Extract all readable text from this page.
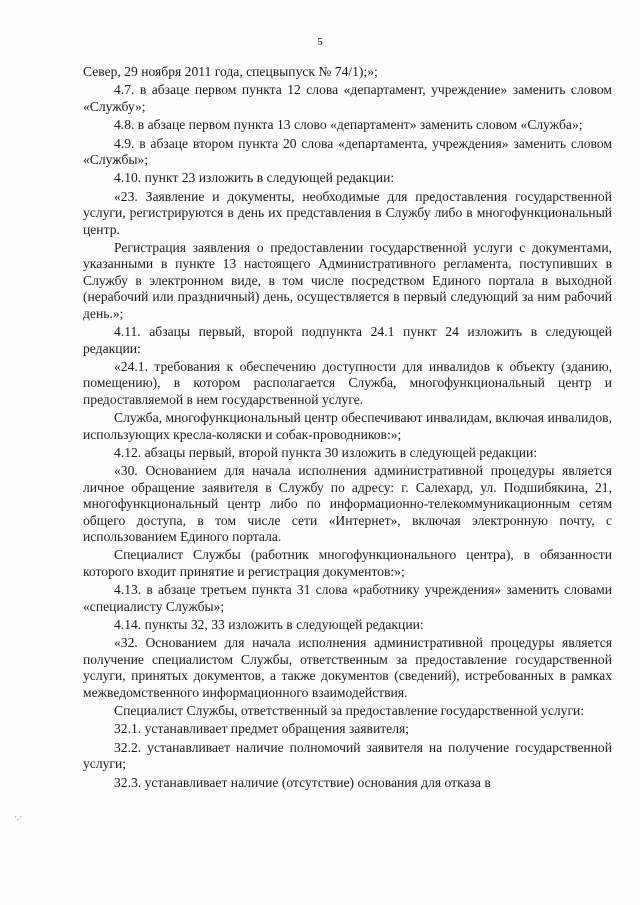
5

Север, 29 ноября 2011 года, спецвыпуск № 74/1);»;

4.7. в абзаце первом пункта 12 слова «департамент, учреждение» заменить словом «Службу»;

4.8. в абзаце первом пункта 13 слово «департамент» заменить словом «Служба»;

4.9. в абзаце втором пункта 20 слова «департамента, учреждения» заменить словом «Службы»;

4.10. пункт 23 изложить в следующей редакции:

«23. Заявление и документы, необходимые для предоставления государственной услуги, регистрируются в день их представления в Службу либо в многофункциональный центр.

Регистрация заявления о предоставлении государственной услуги с документами, указанными в пункте 13 настоящего Административного регламента, поступивших в Службу в электронном виде, в том числе посредством Единого портала в выходной (нерабочий или праздничный) день, осуществляется в первый следующий за ним рабочий день.»;

4.11. абзацы первый, второй подпункта 24.1 пункт 24 изложить в следующей редакции:

«24.1. требования к обеспечению доступности для инвалидов к объекту (зданию, помещению), в котором располагается Служба, многофункциональный центр и предоставляемой в нем государственной услуге.

Служба, многофункциональный центр обеспечивают инвалидам, включая инвалидов, использующих кресла-коляски и собак-проводников:»;

4.12. абзацы первый, второй пункта 30 изложить в следующей редакции:

«30. Основанием для начала исполнения административной процедуры является личное обращение заявителя в Службу по адресу: г. Салехард, ул. Подшибякина, 21, многофункциональный центр либо по информационно-телекоммуникационным сетям общего доступа, в том числе сети «Интернет», включая электронную почту, с использованием Единого портала.

Специалист Службы (работник многофункционального центра), в обязанности которого входит принятие и регистрация документов:»;

4.13. в абзаце третьем пункта 31 слова «работнику учреждения» заменить словами «специалисту Службы»;

4.14. пункты 32, 33 изложить в следующей редакции:

«32. Основанием для начала исполнения административной процедуры является получение специалистом Службы, ответственным за предоставление государственной услуги, принятых документов, а также документов (сведений), истребованных в рамках межведомственного информационного взаимодействия.

Специалист Службы, ответственный за предоставление государственной услуги:

32.1. устанавливает предмет обращения заявителя;

32.2. устанавливает наличие полномочий заявителя на получение государственной услуги;

32.3. устанавливает наличие (отсутствие) основания для отказа в

·.·
